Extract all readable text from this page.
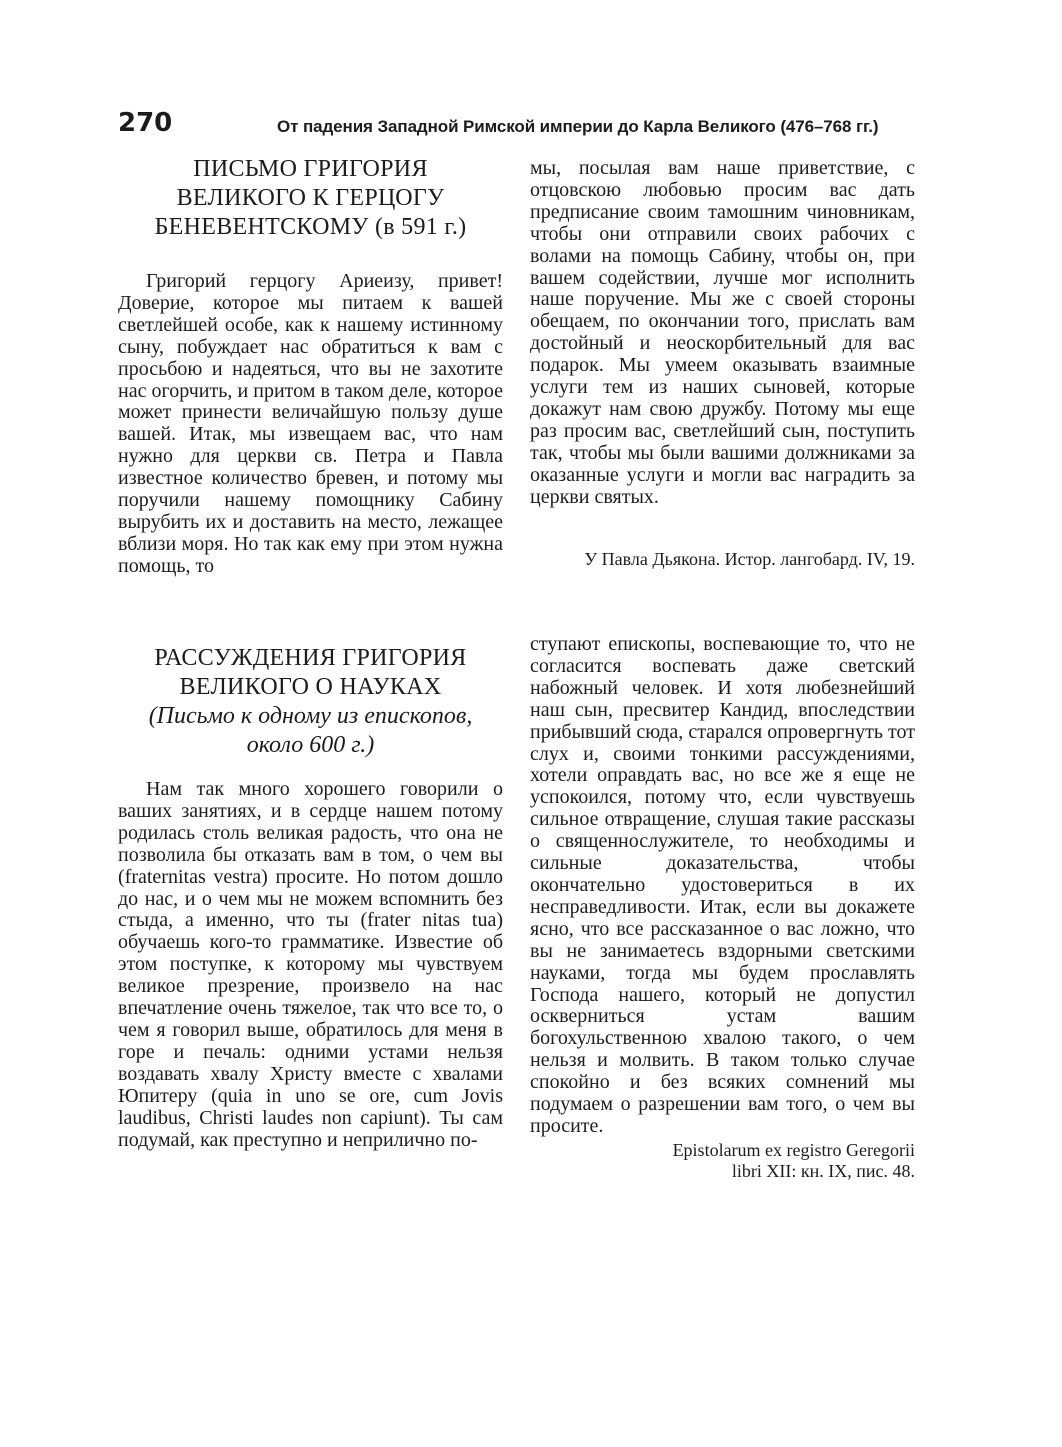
270	От падения Западной Римской империи до Карла Великого (476–768 гг.)
ПИСЬМО ГРИГОРИЯ
ВЕЛИКОГО К ГЕРЦОГУ
БЕНЕВЕНТСКОМУ (в 591 г.)

Григорий герцогу Ариеизу, привет! Доверие, которое мы питаем к вашей светлейшей особе, как к нашему истинному сыну, побуждает нас обратиться к вам с просьбою и надеяться, что вы не захотите нас огорчить, и притом в таком деле, которое может принести величайшую пользу душе вашей. Итак, мы извещаем вас, что нам нужно для церкви св. Петра и Павла известное количество бревен, и потому мы поручили нашему помощнику Сабину вырубить их и доставить на место, лежащее вблизи моря. Но так как ему при этом нужна помощь, то

мы, посылая вам наше приветствие, с отцовскою любовью просим вас дать предписание своим тамошним чиновникам, чтобы они отправили своих рабочих с волами на помощь Сабину, чтобы он, при вашем содействии, лучше мог исполнить наше поручение. Мы же с своей стороны обещаем, по окончании того, прислать вам достойный и неоскорбительный для вас подарок. Мы умеем оказывать взаимные услуги тем из наших сыновей, которые докажут нам свою дружбу. Потому мы еще раз просим вас, светлейший сын, поступить так, чтобы мы были вашими должниками за оказанные услуги и могли вас наградить за церкви святых.

У Павла Дьякона. Истор. лангобард. IV, 19.
РАССУЖДЕНИЯ ГРИГОРИЯ
ВЕЛИКОГО О НАУКАХ
(Письмо к одному из епископов,
около 600 г.)

Нам так много хорошего говорили о ваших занятиях, и в сердце нашем потому родилась столь великая радость, что она не позволила бы отказать вам в том, о чем вы (fraternitas vestra) просите. Но потом дошло до нас, и о чем мы не можем вспомнить без стыда, а именно, что ты (frater nitas tua) обучаешь кого-то грамматике. Известие об этом поступке, к которому мы чувствуем великое презрение, произвело на нас впечатление очень тяжелое, так что все то, о чем я говорил выше, обратилось для меня в горе и печаль: одними устами нельзя воздавать хвалу Христу вместе с хвалами Юпитеру (quia in uno se ore, cum Jovis laudibus, Christi laudes non capiunt). Ты сам подумай, как преступно и неприлично по-

ступают епископы, воспевающие то, что не согласится воспевать даже светский набожный человек. И хотя любезнейший наш сын, пресвитер Кандид, впоследствии прибывший сюда, старался опровергнуть тот слух и, своими тонкими рассуждениями, хотели оправдать вас, но все же я еще не успокоился, потому что, если чувствуешь сильное отвращение, слушая такие рассказы о священнослужителе, то необходимы и сильные доказательства, чтобы окончательно удостовериться в их несправедливости. Итак, если вы докажете ясно, что все рассказанное о вас ложно, что вы не занимаетесь вздорными светскими науками, тогда мы будем прославлять Господа нашего, который не допустил оскверниться устам вашим богохульственною хвалою такого, о чем нельзя и молвить. В таком только случае спокойно и без всяких сомнений мы подумаем о разрешении вам того, о чем вы просите.

Epistolarum ex registro Geregorii
libri XII: кн. IX, пис. 48.
